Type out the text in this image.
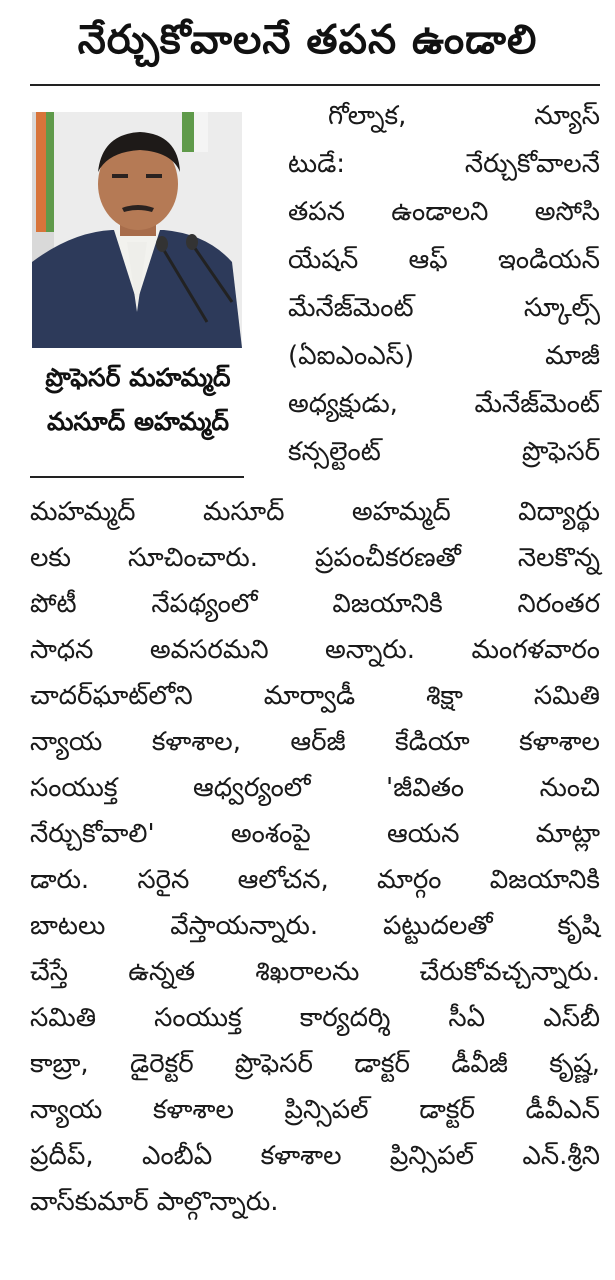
నేర్చుకోవాలనే తపన ఉండాలి
ప్రొఫెసర్ మహమ్మద్
మసూద్ అహమ్మద్
గోల్నాక, న్యూస్
టుడే: నేర్చుకోవాలనే
తపన ఉండాలని అసోసి
యేషన్ ఆఫ్ ఇండియన్
మేనేజ్‌మెంట్ స్కూల్స్
(ఏఐఎంఎస్) మాజీ
అధ్యక్షుడు, మేనేజ్‌మెంట్
కన్సల్టెంట్ ప్రొఫెసర్
మహమ్మద్ మసూద్ అహమ్మద్ విద్యార్థు
లకు సూచించారు. ప్రపంచీకరణతో నెలకొన్న
పోటీ నేపథ్యంలో విజయానికి నిరంతర
సాధన అవసరమని అన్నారు. మంగళవారం
చాదర్‌ఘాట్‌లోని మార్వాడీ శిక్షా సమితి
న్యాయ కళాశాల, ఆర్‌జీ కేడియా కళాశాల
సంయుక్త ఆధ్వర్యంలో 'జీవితం నుంచి
నేర్చుకోవాలి' అంశంపై ఆయన మాట్లా
డారు. సరైన ఆలోచన, మార్గం విజయానికి
బాటలు వేస్తాయన్నారు. పట్టుదలతో కృషి
చేస్తే ఉన్నత శిఖరాలను చేరుకోవచ్చన్నారు.
సమితి సంయుక్త కార్యదర్శి సీఏ ఎస్‌బీ
కాబ్రా, డైరెక్టర్ ప్రొఫెసర్ డాక్టర్ డీవీజీ కృష్ణ,
న్యాయ కళాశాల ప్రిన్సిపల్ డాక్టర్ డీవీఎన్
ప్రదీప్, ఎంబీఏ కళాశాల ప్రిన్సిపల్ ఎన్.శ్రీని
వాస్‌కుమార్ పాల్గొన్నారు.
